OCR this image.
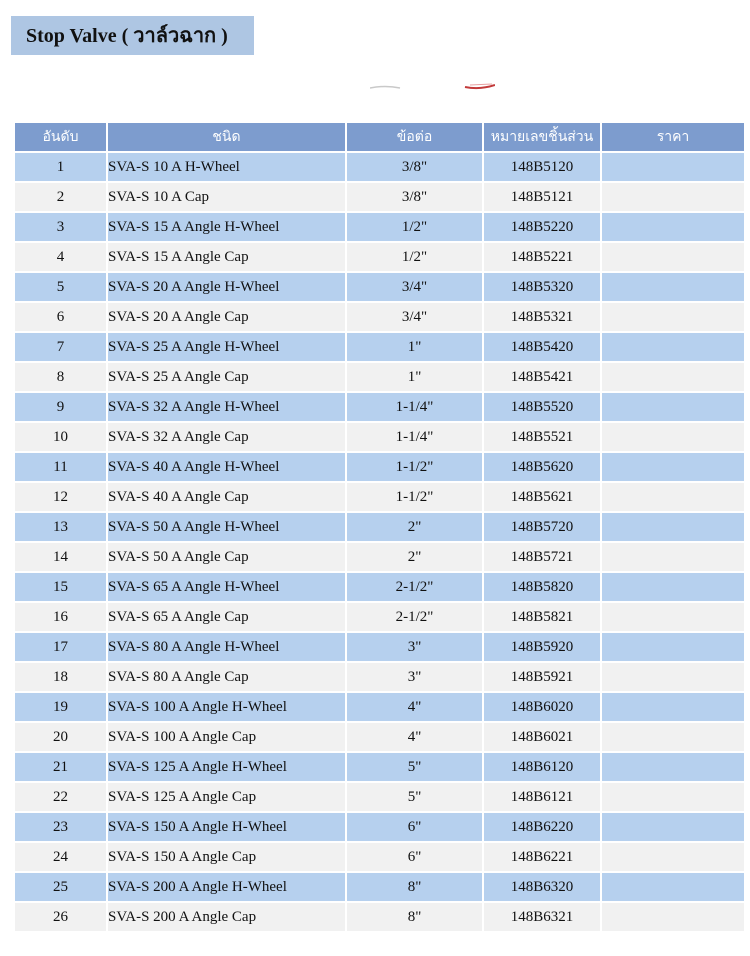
Stop Valve ( วาล์วฉาก )
อันดับ	ชนิด	ข้อต่อ	หมายเลขชิ้นส่วน	ราคา
1	SVA-S 10 A H-Wheel	3/8"	148B5120	
2	SVA-S 10 A Cap	3/8"	148B5121	
3	SVA-S 15 A Angle H-Wheel	1/2"	148B5220	
4	SVA-S 15 A Angle Cap	1/2"	148B5221	
5	SVA-S 20 A Angle H-Wheel	3/4"	148B5320	
6	SVA-S 20 A Angle Cap	3/4"	148B5321	
7	SVA-S 25 A Angle H-Wheel	1"	148B5420	
8	SVA-S 25 A Angle Cap	1"	148B5421	
9	SVA-S 32 A Angle H-Wheel	1-1/4"	148B5520	
10	SVA-S 32 A Angle Cap	1-1/4"	148B5521	
11	SVA-S 40 A Angle H-Wheel	1-1/2"	148B5620	
12	SVA-S 40 A Angle Cap	1-1/2"	148B5621	
13	SVA-S 50 A Angle H-Wheel	2"	148B5720	
14	SVA-S 50 A Angle Cap	2"	148B5721	
15	SVA-S 65 A Angle H-Wheel	2-1/2"	148B5820	
16	SVA-S 65 A Angle Cap	2-1/2"	148B5821	
17	SVA-S 80 A Angle H-Wheel	3"	148B5920	
18	SVA-S 80 A Angle Cap	3"	148B5921	
19	SVA-S 100 A Angle H-Wheel	4"	148B6020	
20	SVA-S 100 A Angle Cap	4"	148B6021	
21	SVA-S 125 A Angle H-Wheel	5"	148B6120	
22	SVA-S 125 A Angle Cap	5"	148B6121	
23	SVA-S 150 A Angle H-Wheel	6"	148B6220	
24	SVA-S 150 A Angle Cap	6"	148B6221	
25	SVA-S 200 A Angle H-Wheel	8"	148B6320	
26	SVA-S 200 A Angle Cap	8"	148B6321	
